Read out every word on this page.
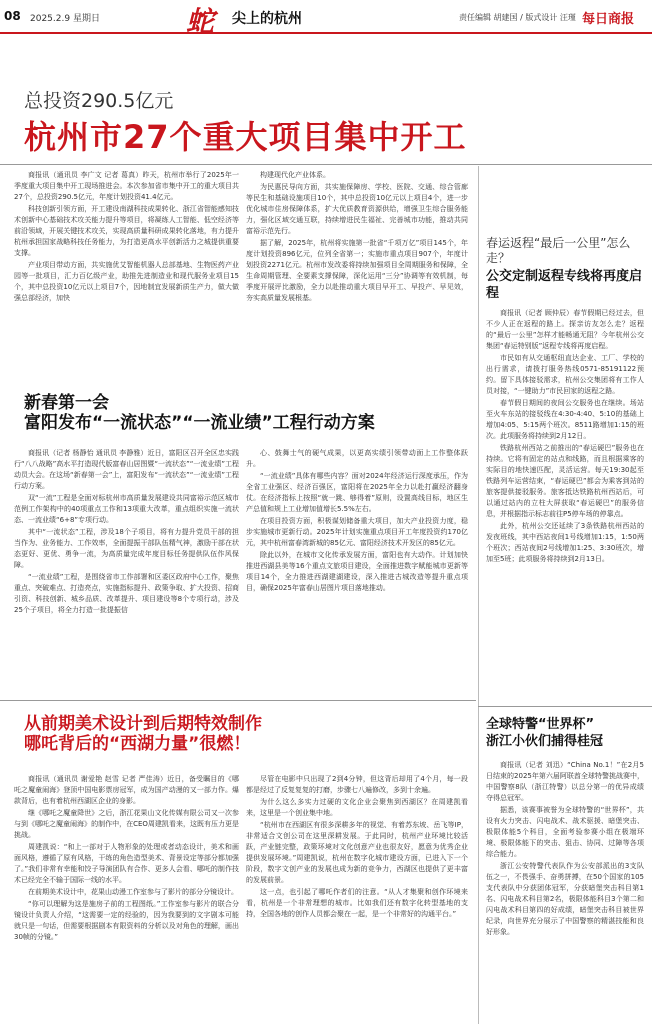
08 2025.2.9 星期日	蛇 尖上的杭州	责任编辑 胡建国 / 版式设计 汪瑾 每日商报
总投资290.5亿元
杭州市27个重大项目集中开工

商报讯（通讯员 李广文 记者 葛真）昨天，杭州市举行了2025年一季度重大项目集中开工现场推进会。本次参加省市集中开工的重大项目共27个，总投资290.5亿元，年度计划投资41.4亿元。

科技创新引领方面，开工建设南湖科技成果转化、浙江省智能感知技术创新中心基础技术攻关能力提升等项目，将凝练人工智能、低空经济等前沿领域，开展关键技术攻关，实现高质量科研成果转化落地，有力提升杭州承担国家战略科技任务能力，为打造更高水平创新活力之城提供重要支撑。

产业项目带动方面，共实施优艾智能机器人总部基地、生物医药产业园等一批项目，汇力百亿级产业，助推先进制造业和现代服务业项目15个，其中总投资10亿元以上项目7个，因地制宜发展新质生产力，做大做强总部经济，加快

构建现代化产业体系。

为民惠民导向方面，共实施保障房、学校、医院、交通、综合管廊等民生和基础设施项目10个，其中总投资10亿元以上项目4个，进一步优化城市住房保障体系，扩大优质教育资源供给，增强卫生综合服务能力，强化区域交通互联，持续增进民生福祉、完善城市功能，推动共同富裕示范先行。

据了解，2025年，杭州将实施第一批省“千项万亿”项目145个，年度计划投资896亿元，位列全省第一；实施市重点项目907个，年度计划投资2271亿元。杭州市发改委将持续加强项目全周期服务和保障，全生命周期管理、全要素支撑保障，深化运用“三分”协调等有效机制，每季度开展评比激励，全力以赴推动重大项目早开工、早投产、早见效，夯实高质量发展根基。

春运返程“最后一公里”怎么走？
公交定制返程专线将再度启程

商报讯（记者 顾仲辰）春节假期已经过去，但不少人正在返程的路上。探亲访友怎么走？返程的“最后一公里”怎样才能畅通无阻？今年杭州公交集团“春运特别版”返程专线将再度启程。

市民如有从交通枢纽直达企业、工厂、学校的出行需求，请拨打服务热线0571-85191122预约。留下具体接驳需求，杭州公交集团将有工作人员对接，“一键助力”市民回家的返程之路。

春节假日期间的夜间公交服务也在继续。场站至火车东站的接驳线在4:30-4:40、5:10的基础上增加4:05、5:15两个班次。8511路增加1:15的班次。此项服务将持续到2月12日。

铁路杭州西站之前推出的“春运硬巴”服务也在持续。它将有固定的站点和线路，而且根据乘客的实际目的地快速匹配，灵活运营。每天19:30起至铁路列车运营结束，“春运硬巴”都会为乘客到站的旅客提供接驳服务。旅客抵达铁路杭州西站后，可以通过站内的立柱大屏获取“春运硬巴”的服务信息，并根据指示标志前往P5停车场的停靠点。

此外，杭州公交还延续了3条铁路杭州西站的发夜班线，其中西站夜间1号线增加1:15，1:50两个班次；西站夜间2号线增加1:25、3:30班次，增加至5班；此项服务将持续到2月13日。

新春第一会
富阳发布“一流状态”“一流业绩”工程行动方案

商报讯（记者 杨静怡 通讯员 李静雅）近日，富阳区召开全区忠实践行“八八战略”高水平打造现代版富春山居图暨“一流状态”“一流业绩”工程动员大会。在这场“新春第一会”上，富阳发布“一流状态”“一流业绩”工程行动方案。

双“一流”工程是全面对标杭州市高质量发展建设共同富裕示范区城市范例工作架构中的40项重点工作和13项重大改革，重点组织实施一流状态、一流业绩“6+8”专项行动。

其中“一流状态”工程，涉及18个子项目，将有力提升党员干部的担当作为、业务能力、工作效率，全面提振干部队伍精气神，激励干部在状态更好、更优、勇争一流，为高质量完成年度目标任务提供队伍作风保障。

“一流业绩”工程，是围绕省市工作部署和区委区政府中心工作，聚焦重点、突破难点、打造亮点，实施指标提升、政策争取、扩大投资、招商引资、科技创新、城乡品质、改革提升、项目建设等8个专项行动，涉及25个子项目，将全力打造一批提振信

心、鼓舞士气的硬气成果，以更高实绩引领带动面上工作整体跃升。

“一流业绩”具体有哪些内容？面对2024年经济运行深度承压，作为全省工业强区、经济百强区，富阳将在2025年全力以赴打赢经济翻身仗。在经济指标上按照“就一跳、够得着”原则，设置高线目标，地区生产总值和规上工业增加值增长5.5%左右。

在项目投资方面，积极谋划储备重大项目，加大产业投资力度，稳步实施城市更新行动。2025年计划实施重点项目开工年度投资约170亿元，其中杭州富春湾新城的85亿元、富阳经济技术开发区的85亿元。

除此以外，在城市文化传承发展方面，富阳也有大动作。计划加快推进西湖县美等16个重点文旅项目建设，全面推进数字赋能城市更新等项目14个，全力推进西湖建湖建设，深入推进古城改造等提升重点项目，确保2025年富春山居图片项目落地推动。

从前期美术设计到后期特效制作
哪吒背后的“西湖力量”很燃！

商报讯（通讯员 谢爱艳 赵雪 记者 严佳涛）近日，备受瞩目的《哪吒之魔童闹海》登顶中国电影票房冠军，成为国产动漫的又一部力作。爆款背后，也有着杭州西湖区企业的身影。

继《哪吒之魔童降世》之后，浙江花果山文化传媒有限公司又一次参与到《哪吒之魔童闹海》的制作中，在CEO周建凯看来，这既有压力更是挑战。

周建凯说：“和上一部对于人物形象的处理或者动态设计，美术和画面风格，遵循了原有风格，干练的角色造型美术、背景设定等部分都加强了。”我们非常有幸能和饺子导演团队有合作、更多人会看、哪吒的制作技术已经完全不输于国际一线的水平。

在前期美术设计中，花果山动漫工作室参与了影片的部分分镜设计。

“你可以理解为这是施房子前的工程图纸。”工作室参与影片的联合分镜设计负责人介绍，“这需要一定的经验的，因为我要到的文字剧本可能就只是一句话，但需要根据剧本有限资料的分析以及对角色的理解，画出30帧的分镜。”

尽管在电影中只出现了2到4分钟，但这背后却用了4个月，每一段都是经过了反复复复的打磨，步骤七八遍修改，多到十余遍。

为什么这么多实力过硬的文化企业会聚焦到西湖区？在周建凯看来，这里是一个创业集中地。

“杭州市在西湖区有很多深耕多年的视觉、有着苏东坡、岳飞等IP，非常适合文创公司在这里深耕发展。于此同时，杭州产业环境比较活跃，产业链完整，政策环境对文化创意产业也很友好，愿意为优秀企业提供发展环境。”周建凯说，杭州在数字化城市建设方面，已进入下一个阶段，数字文创产业的发展也成为新的竞争力，西湖区也提供了更丰富的发展前景。

这一点，也引起了哪吒作者们的注意。“从人才集聚和创作环境来看，杭州是一个非常理想的城市。比如我们还有数字化转型基地的支持，全国各地的创作人员都会聚在一起，是一个非常好的沟通平台。”

全球特警“世界杯”
浙江小伙们捕得桂冠

商报讯（记者 刘迅）“China No.1！”在2月5日结束的2025年第六届阿联酋全球特警挑战赛中，中国警察8队（浙江特警）以总分第一的优异成绩夺得总冠军。

据悉，该赛事被誉为全球特警的“世界杯”，共设有火力突击、闪电战术、战术驱援、暗堡突击、极限体能5个科目，全面考验参赛小组在极端环境、极限体能下的突击、狙击、协同、过障等各项综合能力。

浙江公安特警代表队作为公安部派出的3支队伍之一，不畏强手、奋勇拼搏，在50个国家的105支代表队中分获团体冠军，分获暗堡突击科目第1名、闪电战术科目第2名，极限体能科目3个第二和闪电战术科目第四的好成绩，暗堡突击科目被世界纪录，向世界充分展示了中国警察的精湛技能和良好形象。
